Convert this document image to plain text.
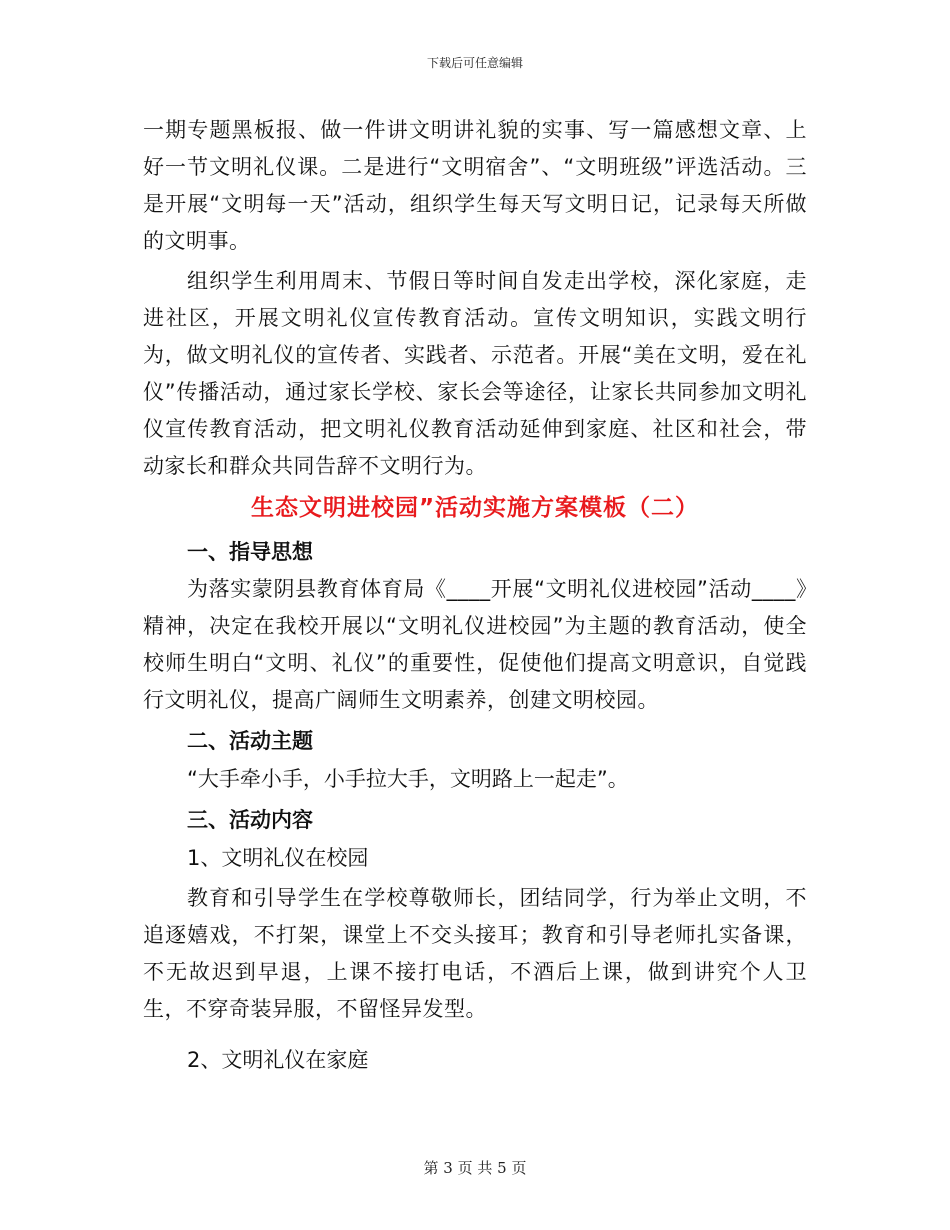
下载后可任意编辑

一期专题黑板报、做一件讲文明讲礼貌的实事、写一篇感想文章、上好一节文明礼仪课。二是进行“文明宿舍”、“文明班级”评选活动。三是开展“文明每一天”活动，组织学生每天写文明日记，记录每天所做的文明事。

组织学生利用周末、节假日等时间自发走出学校，深化家庭，走进社区，开展文明礼仪宣传教育活动。宣传文明知识，实践文明行为，做文明礼仪的宣传者、实践者、示范者。开展“美在文明，爱在礼仪”传播活动，通过家长学校、家长会等途径，让家长共同参加文明礼仪宣传教育活动，把文明礼仪教育活动延伸到家庭、社区和社会，带动家长和群众共同告辞不文明行为。

生态文明进校园”活动实施方案模板（二）
一、指导思想

为落实蒙阴县教育体育局《____开展“文明礼仪进校园”活动____》精神，决定在我校开展以“文明礼仪进校园”为主题的教育活动，使全校师生明白“文明、礼仪”的重要性，促使他们提高文明意识，自觉践行文明礼仪，提高广阔师生文明素养，创建文明校园。

二、活动主题
“大手牵小手，小手拉大手，文明路上一起走”。
三、活动内容
1、文明礼仪在校园

教育和引导学生在学校尊敬师长，团结同学，行为举止文明，不追逐嬉戏，不打架，课堂上不交头接耳；教育和引导老师扎实备课，不无故迟到早退，上课不接打电话，不酒后上课，做到讲究个人卫生，不穿奇装异服，不留怪异发型。

2、文明礼仪在家庭
第 3 页 共 5 页
